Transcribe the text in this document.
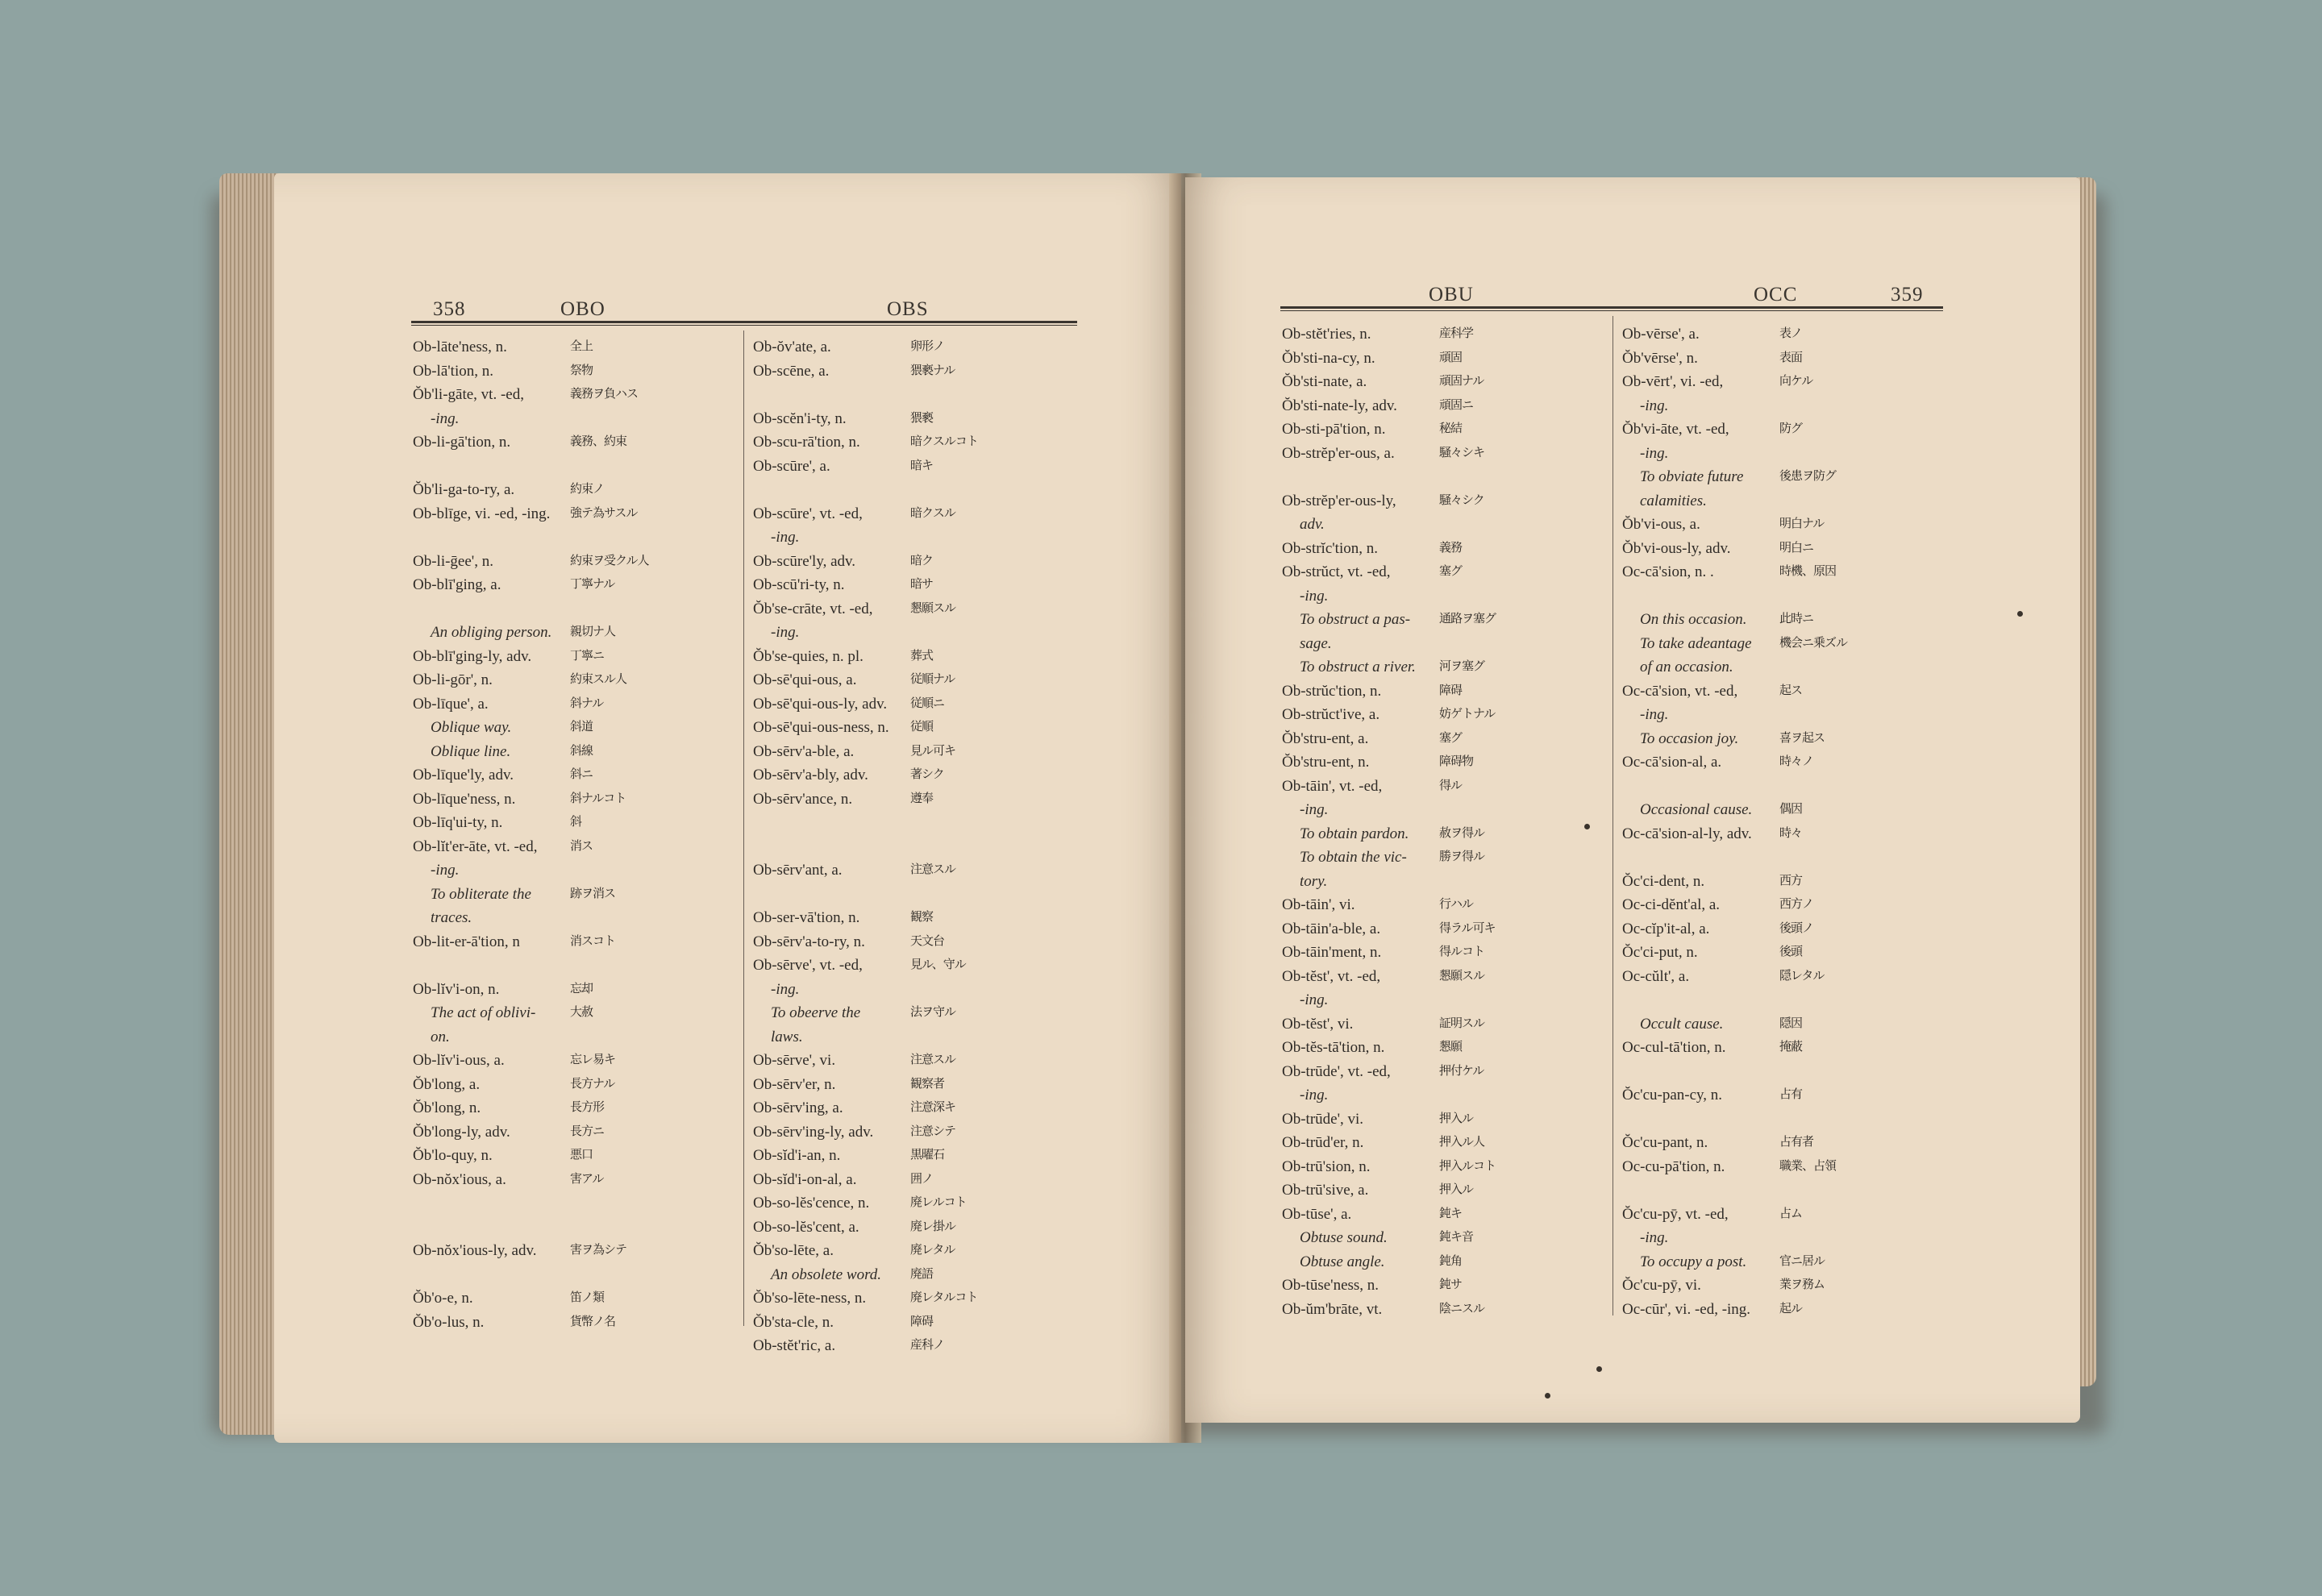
358	OBO	OBS
Ob-lāte'ness, n.	全上
Ob-lā'tion, n.	祭物
Ŏb'li-gāte, vt. -ed,	義務ヲ負ハス
-ing.
Ob-li-gā'tion, n.	義務、約束
Ŏb'li-ga-to-ry, a.	約束ノ
Ob-blīge, vi. -ed, -ing. 強テ為サスル
Ob-li-ḡee', n.	約束ヲ受クル人
Ob-blī'ging, a.	丁寧ナル
An obliging person. 親切ナ人
Ob-blī'ging-ly, adv.	丁寧ニ
Ob-li-gōr', n.	約束スル人
Ob-līque', a.	斜ナル
Oblique way.	斜道
Oblique line.	斜線
Ob-līque'ly, adv.	斜ニ
Ob-līque'ness, n.	斜ナルコト
Ob-līq'ui-ty, n.	斜
Ob-lĭt'er-āte, vt. -ed,	消ス
-ing.
To obliterate the	跡ヲ消ス
traces.
Ob-lit-er-ā'tion, n	消スコト
Ob-lĭv'i-on, n.	忘却
The act of oblivi-	大赦
on.
Ob-lĭv'i-ous, a.	忘レ易キ
Ŏb'long, a.	長方ナル
Ŏb'long, n.	長方形
Ŏb'long-ly, adv.	長方ニ
Ŏb'lo-quy, n.	悪口
Ob-nŏx'ious, a.	害アル
Ob-nŏx'ious-ly, adv.	害ヲ為シテ
Ŏb'o-e, n.	笛ノ類
Ŏb'o-lus, n.	貨幣ノ名
Ob-ŏv'ate, a.	卵形ノ
Ob-scēne, a.	猥褻ナル
Ob-scĕn'i-ty, n.	猥褻
Ob-scu-rā'tion, n.	暗クスルコト
Ob-scūre', a.	暗キ
Ob-scūre', vt. -ed,	暗クスル
-ing.
Ob-scūre'ly, adv.	暗ク
Ob-scū'ri-ty, n.	暗サ
Ŏb'se-crāte, vt. -ed,	懇願スル
-ing.
Ŏb'se-quies, n. pl.	葬式
Ob-sē'qui-ous, a.	従順ナル
Ob-sē'qui-ous-ly, adv. 従順ニ
Ob-sē'qui-ous-ness, n. 従順
Ob-sērv'a-ble, a.	見ル可キ
Ob-sērv'a-bly, adv.	著シク
Ob-sērv'ance, n.	遵奉
Ob-sērv'ant, a.	注意スル
Ob-ser-vā'tion, n.	観察
Ob-sērv'a-to-ry, n.	天文台
Ob-sērve', vt. -ed,	見ル、守ル
-ing.
To obeerve the	法ヲ守ル
laws.
Ob-sērve', vi.	注意スル
Ob-sērv'er, n.	観察者
Ob-sērv'ing, a.	注意深キ
Ob-sērv'ing-ly, adv.	注意シテ
Ob-sĭd'i-an, n.	黒曜石
Ob-sĭd'i-on-al, a.	囲ノ
Ob-so-lĕs'cence, n.	廃レルコト
Ob-so-lĕs'cent, a.	廃レ掛ル
Ŏb'so-lēte, a.	廃レタル
An obsolete word. 廃語
Ŏb'so-lēte-ness, n.	廃レタルコト
Ŏb'sta-cle, n.	障碍
Ob-stĕt'ric, a.	産科ノ
OBU	OCC	359
Ob-stĕt'ries, n.	産科学
Ŏb'sti-na-cy, n.	頑固
Ŏb'sti-nate, a.	頑固ナル
Ŏb'sti-nate-ly, adv.	頑固ニ
Ob-sti-pā'tion, n.	秘結
Ob-strĕp'er-ous, a.	騒々シキ
Ob-strĕp'er-ous-ly,	騒々シク
adv.
Ob-strĭc'tion, n.	義務
Ob-strŭct, vt. -ed,	塞グ
-ing.
To obstruct a pas- 通路ヲ塞グ
sage.
To obstruct a river. 河ヲ塞グ
Ob-strŭc'tion, n.	障碍
Ob-strŭct'ive, a.	妨ゲトナル
Ŏb'stru-ent, a.	塞グ
Ŏb'stru-ent, n.	障碍物
Ob-tāin', vt. -ed,	得ル
-ing.
To obtain pardon.	赦ヲ得ル
To obtain the vic-	勝ヲ得ル
tory.
Ob-tāin', vi.	行ハル
Ob-tāin'a-ble, a.	得ラル可キ
Ob-tāin'ment, n.	得ルコト
Ob-tĕst', vt. -ed,	懇願スル
-ing.
Ob-tĕst', vi.	証明スル
Ob-tĕs-tā'tion, n.	懇願
Ob-trūde', vt. -ed,	押付ケル
-ing.
Ob-trūde', vi.	押入ル
Ob-trūd'er, n.	押入ル人
Ob-trū'sion, n.	押入ルコト
Ob-trū'sive, a.	押入ル
Ob-tūse', a.	鈍キ
Obtuse sound.	鈍キ音
Obtuse angle.	鈍角
Ob-tūse'ness, n.	鈍サ
Ob-ŭm'brāte, vt.	陰ニスル
Ob-vērse', a.	表ノ
Ŏb'vērse', n.	表面
Ob-vērt', vi. -ed,	向ケル
-ing.
Ŏb'vi-āte, vt. -ed,	防グ
-ing.
To obviate future	後患ヲ防グ
calamities.
Ŏb'vi-ous, a.	明白ナル
Ŏb'vi-ous-ly, adv.	明白ニ
Oc-cā'sion, n. .	時機、原因
On this occasion.	此時ニ
To take adeantage 機会ニ乗ズル
of an occasion.
Oc-cā'sion, vt. -ed,	起ス
-ing.
To occasion joy.	喜ヲ起ス
Oc-cā'sion-al, a.	時々ノ
Occasional cause. 偶因
Oc-cā'sion-al-ly, adv. 時々
Ŏc'ci-dent, n.	西方
Oc-ci-dĕnt'al, a.	西方ノ
Oc-cĭp'it-al, a.	後頭ノ
Ŏc'ci-put, n.	後頭
Oc-cŭlt', a.	隠レタル
Occult cause.	隠因
Oc-cul-tā'tion, n.	掩蔽
Ŏc'cu-pan-cy, n.	占有
Ŏc'cu-pant, n.	占有者
Oc-cu-pā'tion, n.	職業、占領
Ŏc'cu-pȳ, vt. -ed,	占ム
-ing.
To occupy a post.	官ニ居ル
Ŏc'cu-pȳ, vi.	業ヲ務ム
Oc-cūr', vi. -ed, -ing. 起ル
